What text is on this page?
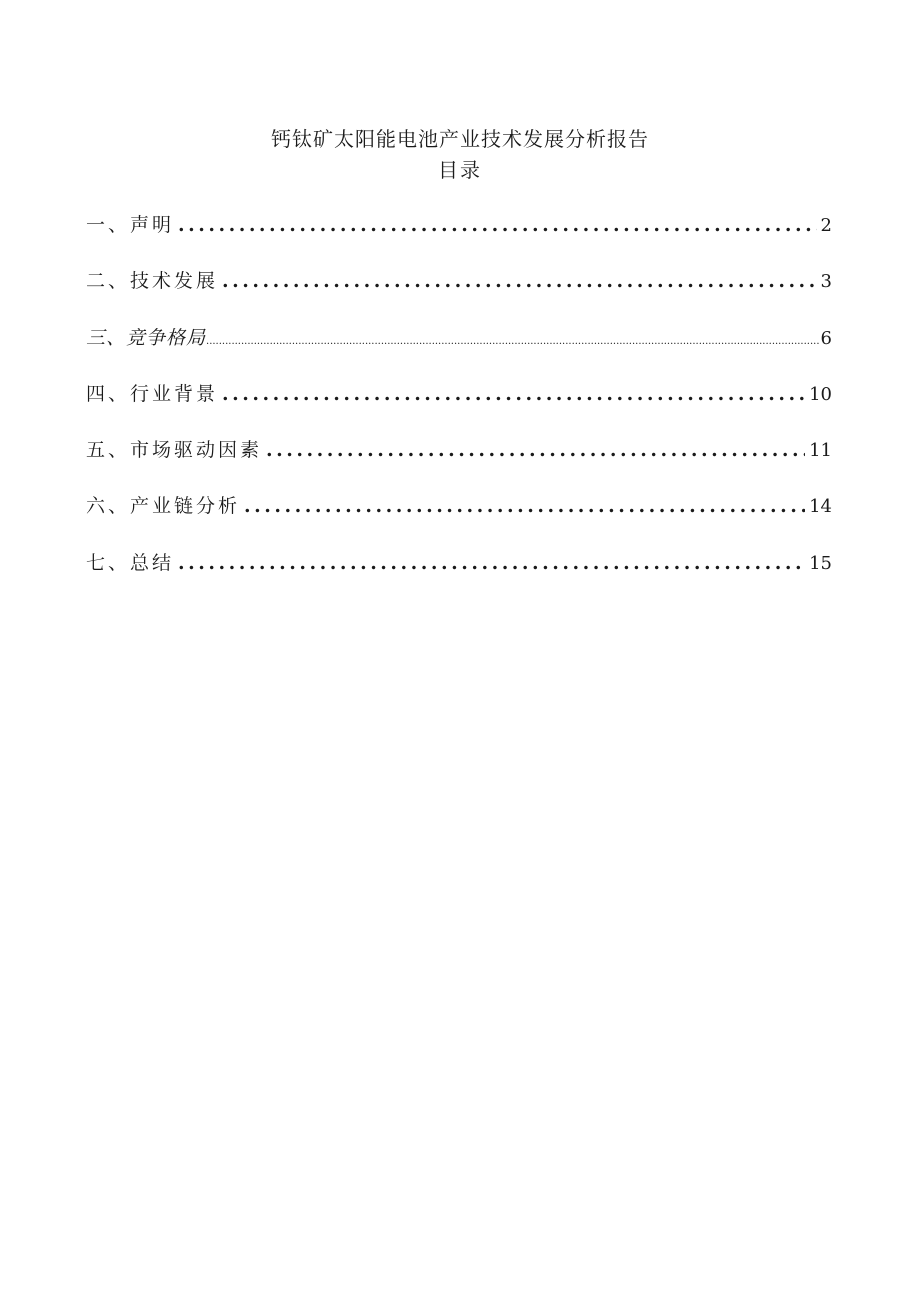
钙钛矿太阳能电池产业技术发展分析报告
目录
一、声明 .....	2
二、技术发展 .....	3
三、竞争格局 .....	6
四、行业背景 .....	10
五、市场驱动因素 .....	11
六、产业链分析 .....	14
七、总结 .....	15
